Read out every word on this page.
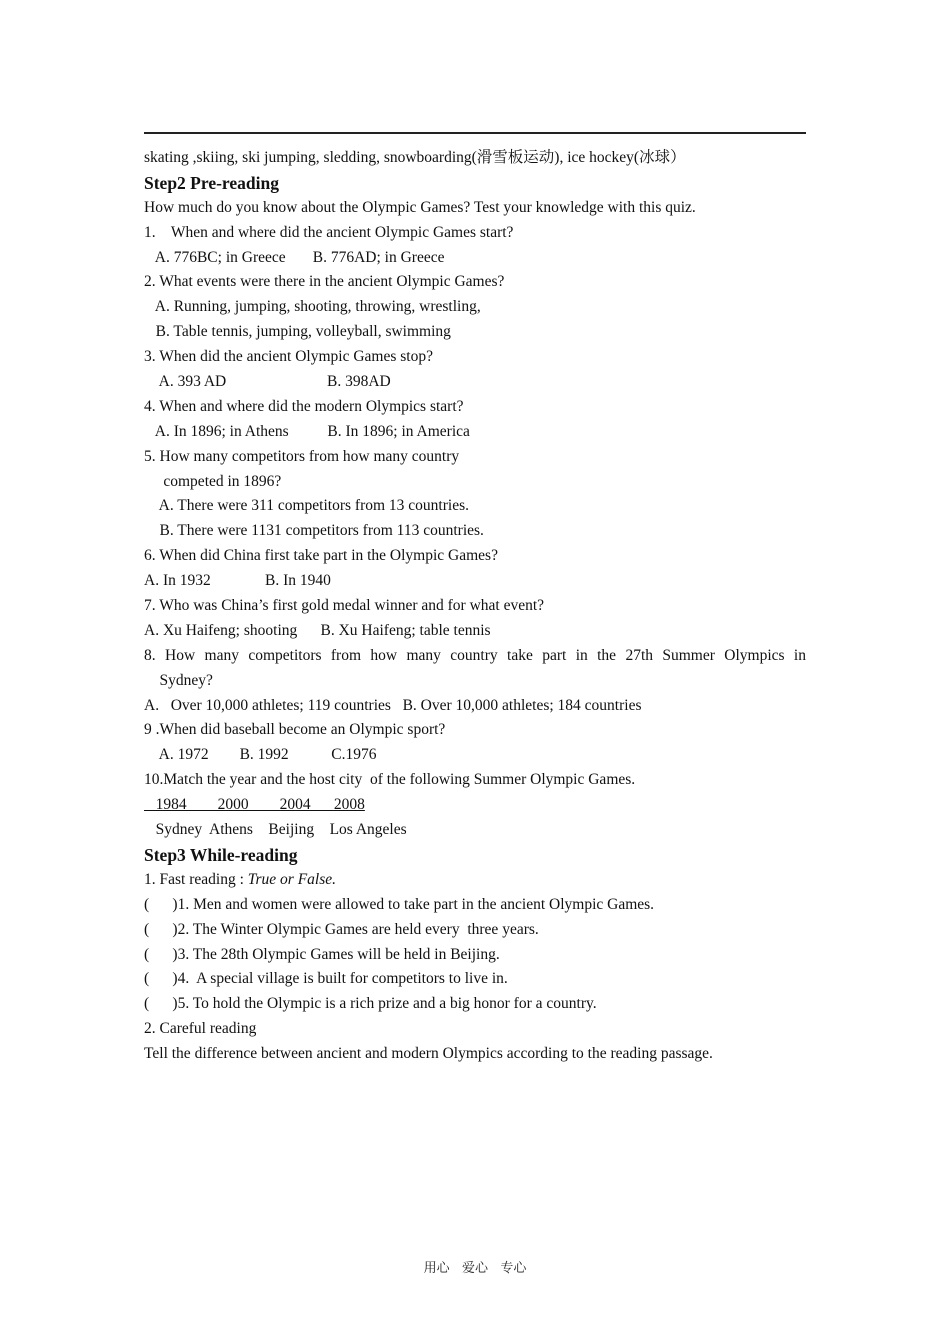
skating ,skiing, ski jumping, sledding, snowboarding(滑雪板运动), ice hockey(冰球）
Step2 Pre-reading
How much do you know about the Olympic Games? Test your knowledge with this quiz.
1.    When and where did the ancient Olympic Games start?
A. 776BC; in Greece       B. 776AD; in Greece
2. What events were there in the ancient Olympic Games?
A. Running, jumping, shooting, throwing, wrestling,
B. Table tennis, jumping, volleyball, swimming
3. When did the ancient Olympic Games stop?
A. 393 AD                          B. 398AD
4. When and where did the modern Olympics start?
A. In 1896; in Athens          B. In 1896; in America
5. How many competitors from how many country
competed in 1896?
A. There were 311 competitors from 13 countries.
B. There were 1131 competitors from 113 countries.
6. When did China first take part in the Olympic Games?
A. In 1932              B. In 1940
7. Who was China’s first gold medal winner and for what event?
A. Xu Haifeng; shooting      B. Xu Haifeng; table tennis
8. How many competitors from how many country take part in the 27th Summer Olympics in
Sydney?
A.   Over 10,000 athletes; 119 countries   B. Over 10,000 athletes; 184 countries
9 .When did baseball become an Olympic sport?
A. 1972        B. 1992           C.1976
10.Match the year and the host city  of the following Summer Olympic Games.
1984        2000        2004      2008
Sydney  Athens    Beijing    Los Angeles
Step3 While-reading
1. Fast reading : True or False.
(      )1. Men and women were allowed to take part in the ancient Olympic Games.
(      )2. The Winter Olympic Games are held every  three years.
(      )3. The 28th Olympic Games will be held in Beijing.
(      )4.  A special village is built for competitors to live in.
(      )5. To hold the Olympic is a rich prize and a big honor for a country.
2. Careful reading
Tell the difference between ancient and modern Olympics according to the reading passage.
用心   爱心   专心
